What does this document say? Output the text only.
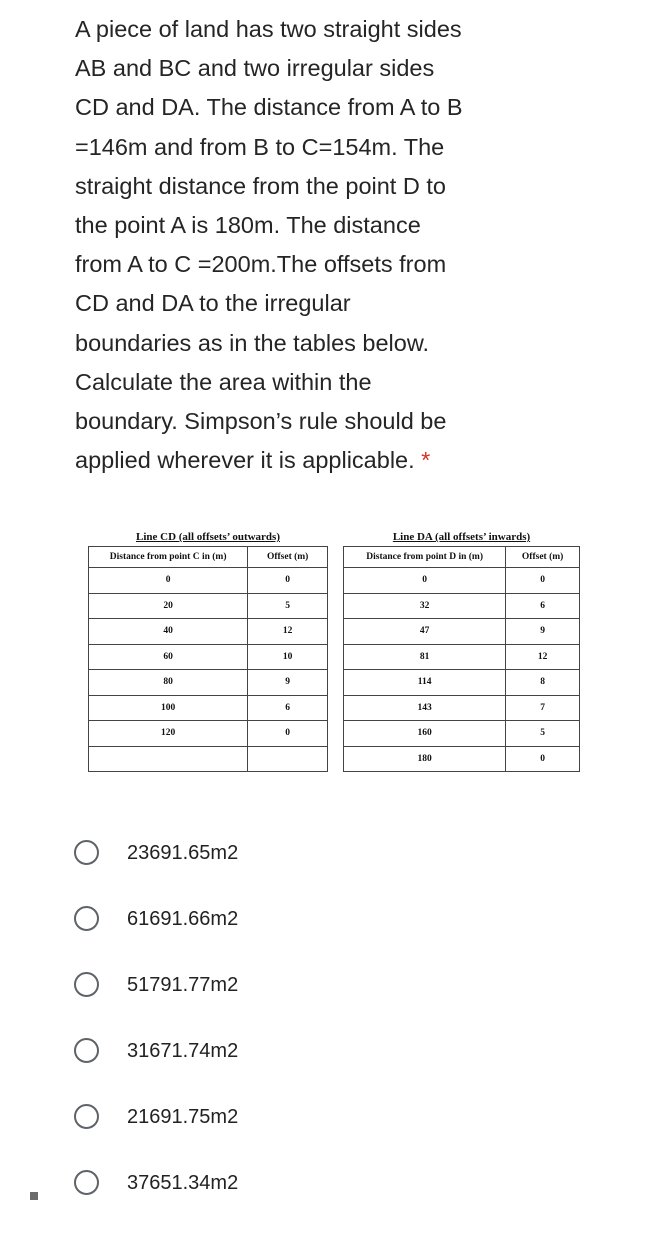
A piece of land has two straight sides
AB and BC and two irregular sides
CD and DA. The distance from A to B
=146m and from B to C=154m. The
straight distance from the point D to
the point A is 180m. The distance
from A to C =200m.The offsets from
CD and DA to the irregular
boundaries as in the tables below.
Calculate the area within the
boundary. Simpson’s rule should be
applied wherever it is applicable. *
Line CD (all offsets’ outwards)	
Distance from point C in (m)	Offset (m)
0	0
20	5
40	12
60	10
80	9
100	6
120	0

Line DA (all offsets’ inwards)	
Distance from point D in (m)	Offset (m)
0	0
32	6
47	9
81	12
114	8
143	7
160	5
180	0
23691.65m2
61691.66m2
51791.77m2
31671.74m2
21691.75m2
37651.34m2
